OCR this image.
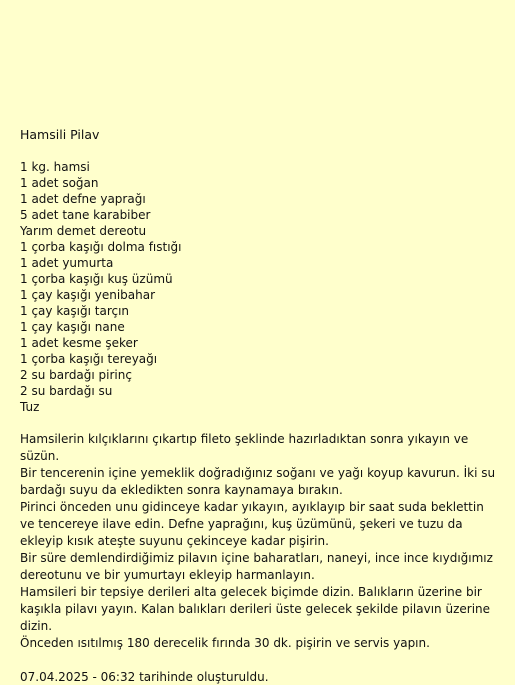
Hamsili Pilav
1 kg. hamsi
1 adet soğan
1 adet defne yaprağı
5 adet tane karabiber
Yarım demet dereotu
1 çorba kaşığı dolma fıstığı
1 adet yumurta
1 çorba kaşığı kuş üzümü
1 çay kaşığı yenibahar
1 çay kaşığı tarçın
1 çay kaşığı nane
1 adet kesme şeker
1 çorba kaşığı tereyağı
2 su bardağı pirinç
2 su bardağı su
Tuz

Hamsilerin kılçıklarını çıkartıp fileto şeklinde hazırladıktan sonra yıkayın ve süzün.

Bir tencerenin içine yemeklik doğradığınız soğanı ve yağı koyup kavurun. İki su bardağı suyu da ekledikten sonra kaynamaya bırakın.

Pirinci önceden unu gidinceye kadar yıkayın, ayıklayıp bir saat suda beklettin ve tencereye ilave edin. Defne yaprağını, kuş üzümünü, şekeri ve tuzu da ekleyip kısık ateşte suyunu çekinceye kadar pişirin.

Bir süre demlendirdiğimiz pilavın içine baharatları, naneyi, ince ince kıydığımız dereotunu ve bir yumurtayı ekleyip harmanlayın.

Hamsileri bir tepsiye derileri alta gelecek biçimde dizin. Balıkların üzerine bir kaşıkla pilavı yayın. Kalan balıkları derileri üste gelecek şekilde pilavın üzerine dizin.

Önceden ısıtılmış 180 derecelik fırında 30 dk. pişirin ve servis yapın.

07.04.2025 - 06:32 tarihinde oluşturuldu.
